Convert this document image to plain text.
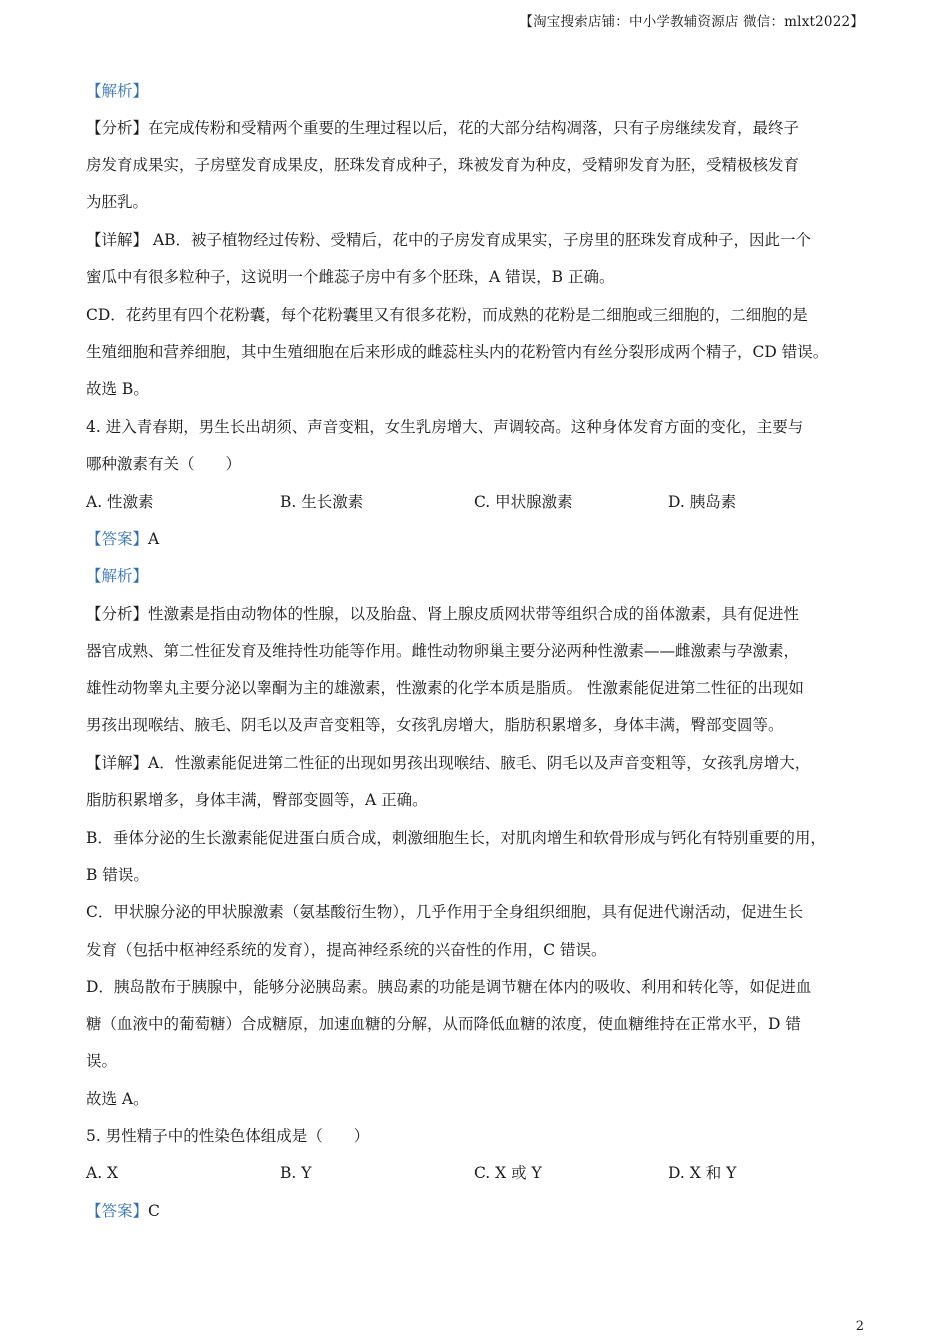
【淘宝搜索店铺：中小学教辅资源店 微信：mlxt2022】
【解析】
【分析】在完成传粉和受精两个重要的生理过程以后，花的大部分结构凋落，只有子房继续发育，最终子
房发育成果实，子房壁发育成果皮，胚珠发育成种子，珠被发育为种皮，受精卵发育为胚，受精极核发育
为胚乳。
【详解】 AB．被子植物经过传粉、受精后，花中的子房发育成果实，子房里的胚珠发育成种子，因此一个
蜜瓜中有很多粒种子，这说明一个雌蕊子房中有多个胚珠，A 错误，B 正确。
CD．花药里有四个花粉囊，每个花粉囊里又有很多花粉，而成熟的花粉是二细胞或三细胞的，二细胞的是
生殖细胞和营养细胞，其中生殖细胞在后来形成的雌蕊柱头内的花粉管内有丝分裂形成两个精子，CD 错误。
故选 B。
4. 进入青春期，男生长出胡须、声音变粗，女生乳房增大、声调较高。这种身体发育方面的变化，主要与
哪种激素有关（　　）
A. 性激素	B. 生长激素	C. 甲状腺激素	D. 胰岛素
【答案】A
【解析】
【分析】性激素是指由动物体的性腺，以及胎盘、肾上腺皮质网状带等组织合成的甾体激素，具有促进性
器官成熟、第二性征发育及维持性功能等作用。雌性动物卵巢主要分泌两种性激素——雌激素与孕激素，
雄性动物睾丸主要分泌以睾酮为主的雄激素，性激素的化学本质是脂质。 性激素能促进第二性征的出现如
男孩出现喉结、腋毛、阴毛以及声音变粗等，女孩乳房增大，脂肪积累增多，身体丰满，臀部变圆等。
【详解】A．性激素能促进第二性征的出现如男孩出现喉结、腋毛、阴毛以及声音变粗等，女孩乳房增大，
脂肪积累增多，身体丰满，臀部变圆等，A 正确。
B．垂体分泌的生长激素能促进蛋白质合成，刺激细胞生长，对肌肉增生和软骨形成与钙化有特别重要的用，
B 错误。
C．甲状腺分泌的甲状腺激素（氨基酸衍生物），几乎作用于全身组织细胞，具有促进代谢活动，促进生长
发育（包括中枢神经系统的发育），提高神经系统的兴奋性的作用，C 错误。
D．胰岛散布于胰腺中，能够分泌胰岛素。胰岛素的功能是调节糖在体内的吸收、利用和转化等，如促进血
糖（血液中的葡萄糖）合成糖原，加速血糖的分解，从而降低血糖的浓度，使血糖维持在正常水平，D 错
误。
故选 A。
5. 男性精子中的性染色体组成是（　　）
A. X	B. Y	C. X 或 Y	D. X 和 Y
【答案】C
2
